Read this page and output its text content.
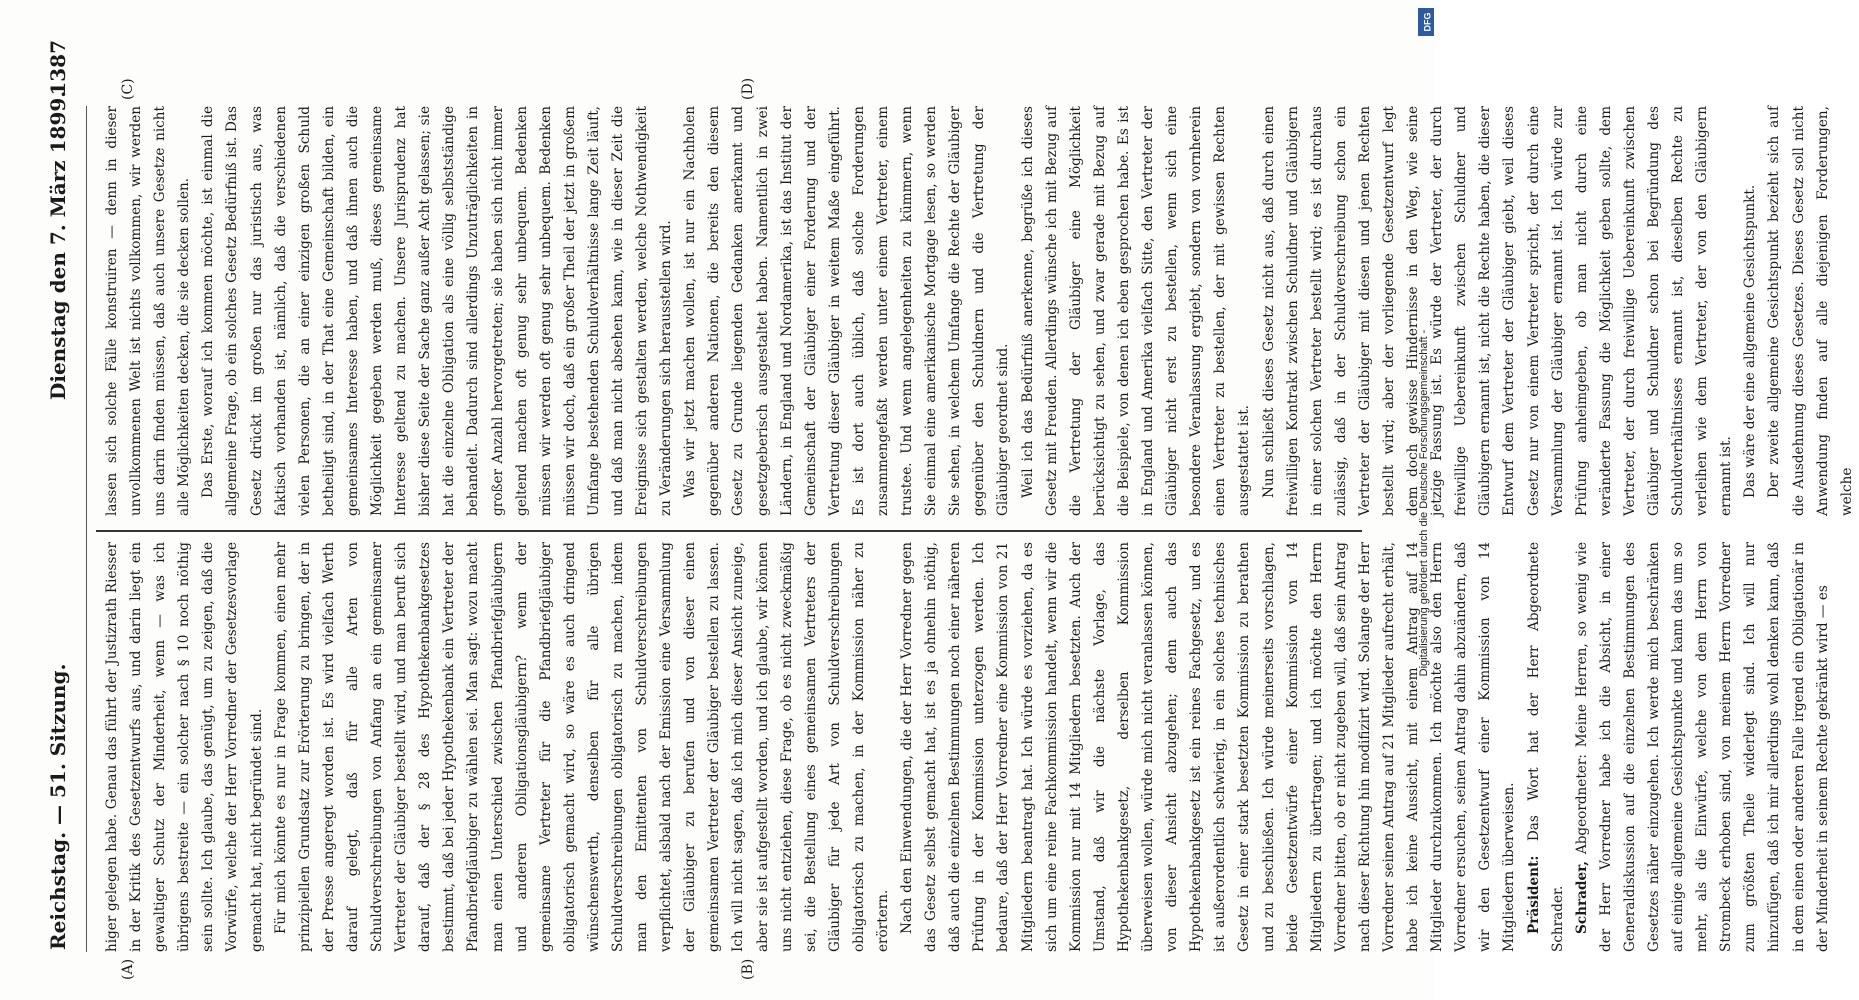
Reichstag. — 51. Sitzung.
Dienstag den 7. März 1899.
1387
(A)	(B)
(C)	(D)

higer gelegen habe. Genau das führt der Justizrath Riesser in der Kritik des Gesetzentwurfs aus, und darin liegt ein gewaltiger Schutz der Minderheit, wenn — was ich übrigens bestreite — ein solcher nach § 10 noch nöthig sein sollte. Ich glaube, das genügt, um zu zeigen, daß die Vorwürfe, welche der Herr Vorredner der Gesetzesvorlage gemacht hat, nicht begründet sind. Für mich könnte es nur in Frage kommen, einen mehr prinzipiellen Grundsatz zur Erörterung zu bringen, der in der Presse angeregt worden ist. Es wird vielfach Werth darauf gelegt, daß für alle Arten von Schuldverschreibungen von Anfang an ein gemeinsamer Vertreter der Gläubiger bestellt wird, und man beruft sich darauf, daß der § 28 des Hypothekenbankgesetzes bestimmt, daß bei jeder Hypothekenbank ein Vertreter der Pfandbriefgläubiger zu wählen sei. Man sagt: wozu macht man einen Unterschied zwischen Pfandbriefgläubigern und anderen Obligationsgläubigern? wenn der gemeinsame Vertreter für die Pfandbriefgläubiger obligatorisch gemacht wird, so wäre es auch dringend wünschenswerth, denselben für alle übrigen Schuldverschreibungen obligatorisch zu machen, indem man den Emittenten von Schuldverschreibungen verpflichtet, alsbald nach der Emission eine Versammlung der Gläubiger zu berufen und von dieser einen gemeinsamen Vertreter der Gläubiger bestellen zu lassen. Ich will nicht sagen, daß ich mich dieser Ansicht zuneige, aber sie ist aufgestellt worden, und ich glaube, wir können uns nicht entziehen, diese Frage, ob es nicht zweckmäßig sei, die Bestellung eines gemeinsamen Vertreters der Gläubiger für jede Art von Schuldverschreibungen obligatorisch zu machen, in der Kommission näher zu erörtern. Nach den Einwendungen, die der Herr Vorredner gegen das Gesetz selbst gemacht hat, ist es ja ohnehin nöthig, daß auch die einzelnen Bestimmungen noch einer näheren Prüfung in der Kommission unterzogen werden. Ich bedaure, daß der Herr Vorredner eine Kommission von 21 Mitgliedern beantragt hat. Ich würde es vorziehen, da es sich um eine reine Fachkommission handelt, wenn wir die Kommission nur mit 14 Mitgliedern besetzten. Auch der Umstand, daß wir die nächste Vorlage, das Hypothekenbankgesetz, derselben Kommission überweisen wollen, würde mich nicht veranlassen können, von dieser Ansicht abzugehen; denn auch das Hypothekenbankgesetz ist ein reines Fachgesetz, und es ist außerordentlich schwierig, in ein solches technisches Gesetz in einer stark besetzten Kommission zu berathen und zu beschließen. Ich würde meinerseits vorschlagen, beide Gesetzentwürfe einer Kommission von 14 Mitgliedern zu übertragen; und ich möchte den Herrn Vorredner bitten, ob er nicht zugeben will, daß sein Antrag nach dieser Richtung hin modifizirt wird. Solange der Herr Vorredner seinen Antrag auf 21 Mitglieder aufrecht erhält, habe ich keine Aussicht, mit einem Antrag auf 14 Mitglieder durchzukommen. Ich möchte also den Herrn Vorredner ersuchen, seinen Antrag dahin abzuändern, daß wir den Gesetzentwurf einer Kommission von 14 Mitgliedern überweisen. Präsident: Das Wort hat der Herr Abgeordnete Schrader. Schrader, Abgeordneter: Meine Herren, so wenig wie der Herr Vorredner habe ich die Absicht, in einer Generaldiskussion auf die einzelnen Bestimmungen des Gesetzes näher einzugehen. Ich werde mich beschränken auf einige allgemeine Gesichtspunkte und kann das um so mehr, als die Einwürfe, welche von dem Herrn von Strombeck erhoben sind, von meinem Herrn Vorredner zum größten Theile widerlegt sind. Ich will nur hinzufügen, daß ich mir allerdings wohl denken kann, daß in dem einen oder anderen Falle irgend ein Obligationär in der Minderheit in seinem Rechte gekränkt wird — es

lassen sich solche Fälle konstruiren — denn in dieser unvollkommenen Welt ist nichts vollkommen, wir werden uns darin finden müssen, daß auch unsere Gesetze nicht alle Möglichkeiten decken, die sie decken sollen. Das Erste, worauf ich kommen möchte, ist einmal die allgemeine Frage, ob ein solches Gesetz Bedürfniß ist. Das Gesetz drückt im großen nur das juristisch aus, was faktisch vorhanden ist, nämlich, daß die verschiedenen vielen Personen, die an einer einzigen großen Schuld betheiligt sind, in der That eine Gemeinschaft bilden, ein gemeinsames Interesse haben, und daß ihnen auch die Möglichkeit gegeben werden muß, dieses gemeinsame Interesse geltend zu machen. Unsere Jurisprudenz hat bisher diese Seite der Sache ganz außer Acht gelassen; sie hat die einzelne Obligation als eine völlig selbstständige behandelt. Dadurch sind allerdings Unzuträglichkeiten in großer Anzahl hervorgetreten; sie haben sich nicht immer geltend machen oft genug sehr unbequem. Bedenken müssen wir werden oft genug sehr unbequem. Bedenken müssen wir doch, daß ein großer Theil der jetzt in großem Umfange bestehenden Schuldverhältnisse lange Zeit läuft, und daß man nicht absehen kann, wie in dieser Zeit die Ereignisse sich gestalten werden, welche Nothwendigkeit zu Veränderungen sich herausstellen wird. Was wir jetzt machen wollen, ist nur ein Nachholen gegenüber anderen Nationen, die bereits den diesem Gesetz zu Grunde liegenden Gedanken anerkannt und gesetzgeberisch ausgestaltet haben. Namentlich in zwei Ländern, in England und Nordamerika, ist das Institut der Gemeinschaft der Gläubiger einer Forderung und der Vertretung dieser Gläubiger in weitem Maße eingeführt. Es ist dort auch üblich, daß solche Forderungen zusammengefaßt werden unter einem Vertreter, einem trustee. Und wenn angelegenheiten zu kümmern, wenn Sie einmal eine amerikanische Mortgage lesen, so werden Sie sehen, in welchem Umfange die Rechte der Gläubiger gegenüber den Schuldnern und die Vertretung der Gläubiger geordnet sind. Weil ich das Bedürfniß anerkenne, begrüße ich dieses Gesetz mit Freuden. Allerdings wünsche ich mit Bezug auf die Vertretung der Gläubiger eine Möglichkeit berücksichtigt zu sehen, und zwar gerade mit Bezug auf die Beispiele, von denen ich eben gesprochen habe. Es ist in England und Amerika vielfach Sitte, den Vertreter der Gläubiger nicht erst zu bestellen, wenn sich eine besondere Veranlassung ergiebt, sondern von vornherein einen Vertreter zu bestellen, der mit gewissen Rechten ausgestattet ist. Nun schließt dieses Gesetz nicht aus, daß durch einen freiwilligen Kontrakt zwischen Schuldner und Gläubigern in einer solchen Vertreter bestellt wird; es ist durchaus zulässig, daß in der Schuldverschreibung schon ein Vertreter der Gläubiger mit diesen und jenen Rechten bestellt wird; aber der vorliegende Gesetzentwurf legt dem doch gewisse Hindernisse in den Weg, wie seine jetzige Fassung ist. Es würde der Vertreter, der durch freiwillige Uebereinkunft zwischen Schuldner und Gläubigern ernannt ist, nicht die Rechte haben, die dieser Entwurf dem Vertreter der Gläubiger giebt, weil dieses Gesetz nur von einem Vertreter spricht, der durch eine Versammlung der Gläubiger ernannt ist. Ich würde zur Prüfung anheimgeben, ob man nicht durch eine veränderte Fassung die Möglichkeit geben sollte, dem Vertreter, der durch freiwillige Uebereinkunft zwischen Gläubiger und Schuldner schon bei Begründung des Schuldverhältnisses ernannt ist, dieselben Rechte zu verleihen wie dem Vertreter, der von den Gläubigern ernannt ist. Das wäre der eine allgemeine Gesichtspunkt. Der zweite allgemeine Gesichtspunkt bezieht sich auf die Ausdehnung dieses Gesetzes. Dieses Gesetz soll nicht Anwendung finden auf alle diejenigen Forderungen, welche

Digitalisierung gefördert durch die Deutsche Forschungsgemeinschaft -
DFG
